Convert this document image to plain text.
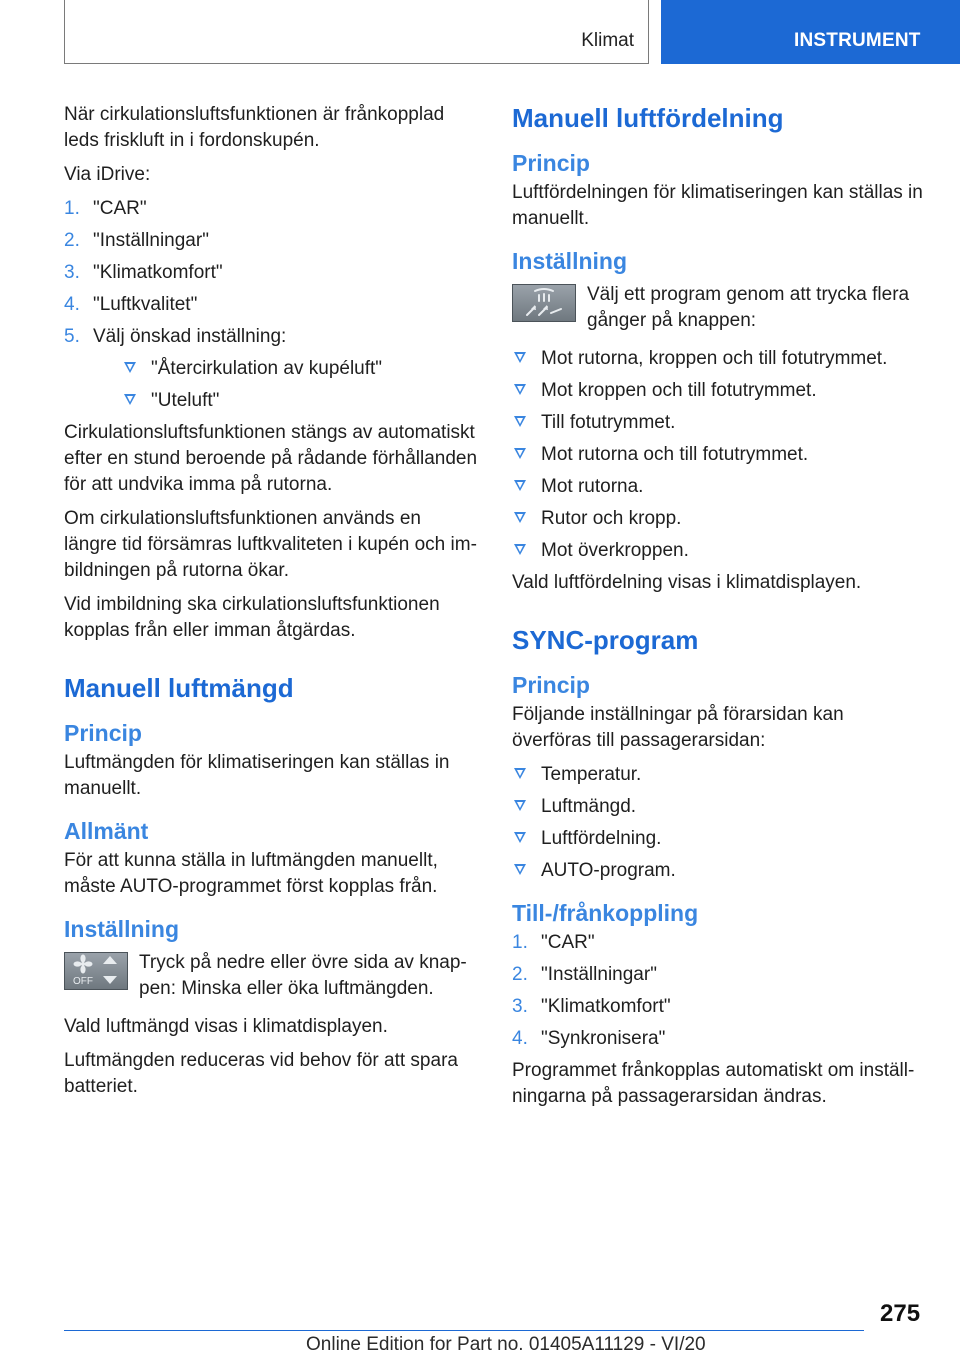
Klimat	INSTRUMENT

När cirkulationsluftsfunktionen är frånkopplad leds friskluft in i fordonskupén.

Via iDrive:

1. "CAR"
2. "Inställningar"
3. "Klimatkomfort"
4. "Luftkvalitet"
5. Välj önskad inställning:
"Återcirkulation av kupéluft"
"Uteluft"

Cirkulationsluftsfunktionen stängs av automatiskt efter en stund beroende på rådande förhållanden för att undvika imma på rutorna.

Om cirkulationsluftsfunktionen används en längre tid försämras luftkvaliteten i kupén och im-bildningen på rutorna ökar.

Vid imbildning ska cirkulationsluftsfunktionen kopplas från eller imman åtgärdas.

Manuell luftmängd
Princip

Luftmängden för klimatiseringen kan ställas in manuellt.

Allmänt

För att kunna ställa in luftmängden manuellt, måste AUTO-programmet först kopplas från.

Inställning
OFF
Tryck på nedre eller övre sida av knap-pen: Minska eller öka luftmängden.

Vald luftmängd visas i klimatdisplayen.

Luftmängden reduceras vid behov för att spara batteriet.

Manuell luftfördelning
Princip

Luftfördelningen för klimatiseringen kan ställas in manuellt.

Inställning
Välj ett program genom att trycka flera gånger på knappen:
Mot rutorna, kroppen och till fotutrymmet.
Mot kroppen och till fotutrymmet.
Till fotutrymmet.
Mot rutorna och till fotutrymmet.
Mot rutorna.
Rutor och kropp.
Mot överkroppen.

Vald luftfördelning visas i klimatdisplayen.

SYNC-program
Princip

Följande inställningar på förarsidan kan överföras till passagerarsidan:

Temperatur.
Luftmängd.
Luftfördelning.
AUTO-program.
Till-/frånkoppling
1. "CAR"
2. "Inställningar"
3. "Klimatkomfort"
4. "Synkronisera"

Programmet frånkopplas automatiskt om inställ-ningarna på passagerarsidan ändras.

275
Online Edition for Part no. 01405A11129 - VI/20
